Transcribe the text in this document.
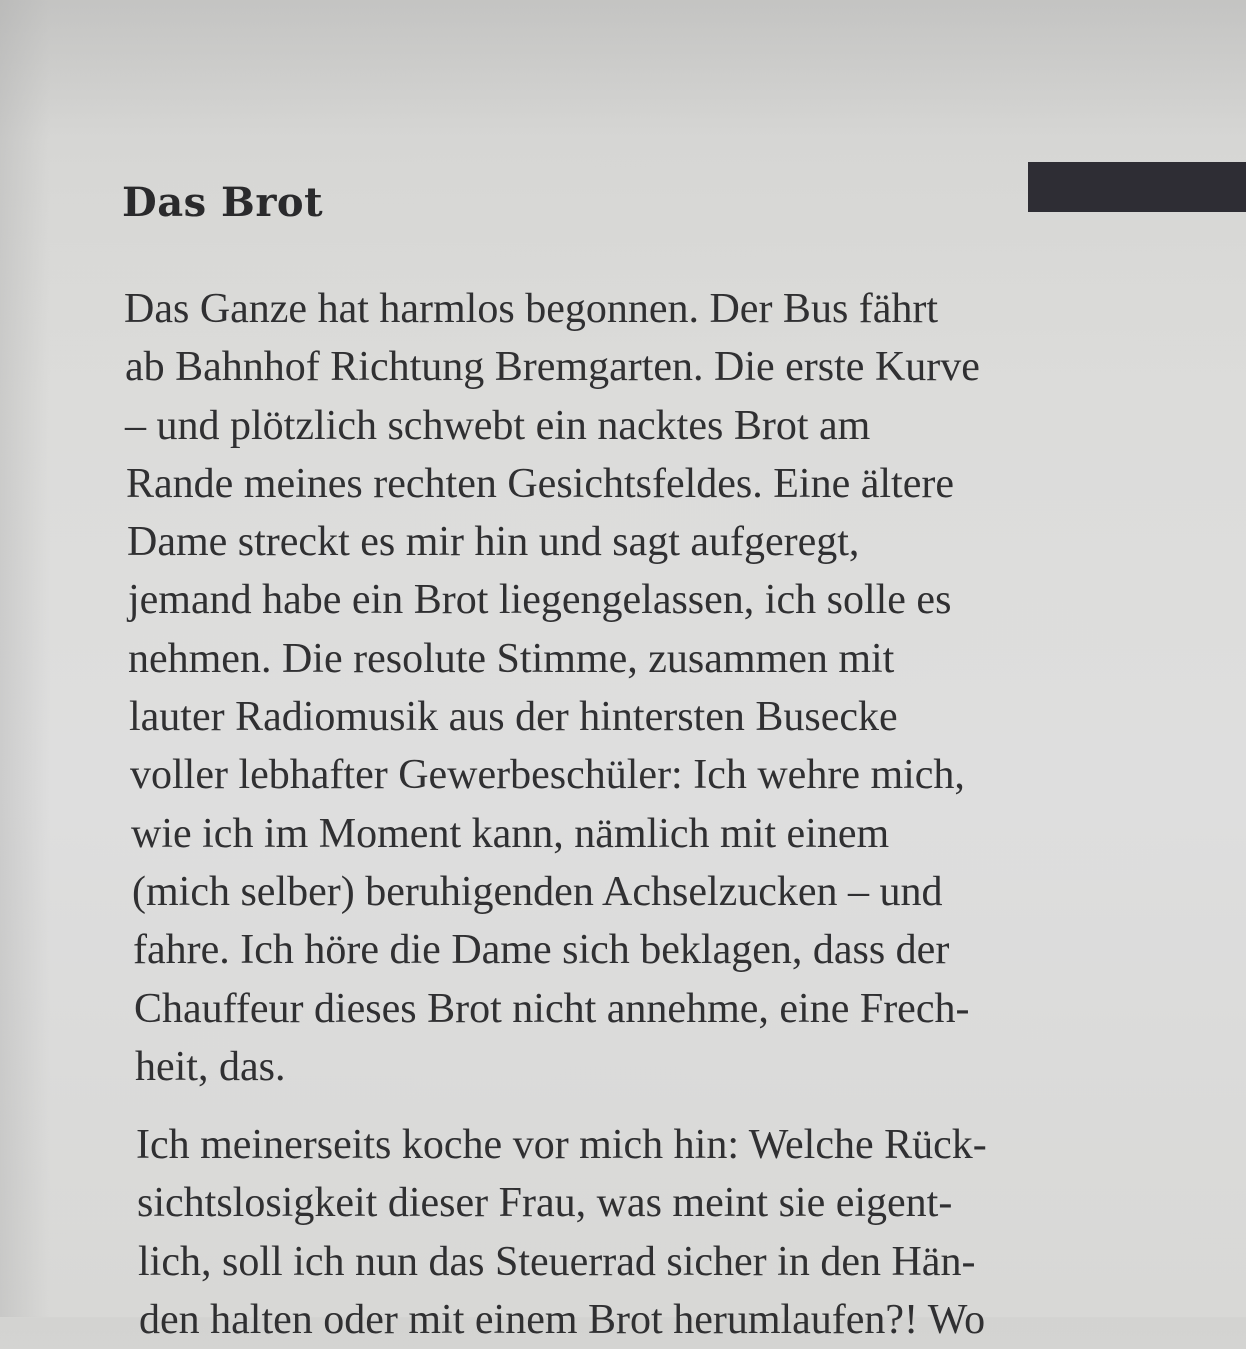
Das Brot

Das Ganze hat harmlos begonnen. Der Bus fährt
ab Bahnhof Richtung Bremgarten. Die erste Kurve
– und plötzlich schwebt ein nacktes Brot am
Rande meines rechten Gesichtsfeldes. Eine ältere
Dame streckt es mir hin und sagt aufgeregt,
jemand habe ein Brot liegengelassen, ich solle es
nehmen. Die resolute Stimme, zusammen mit
lauter Radiomusik aus der hintersten Busecke
voller lebhafter Gewerbeschüler: Ich wehre mich,
wie ich im Moment kann, nämlich mit einem
(mich selber) beruhigenden Achselzucken – und
fahre. Ich höre die Dame sich beklagen, dass der
Chauffeur dieses Brot nicht annehme, eine Frech-
heit, das.

Ich meinerseits koche vor mich hin: Welche Rück-
sichtslosigkeit dieser Frau, was meint sie eigent-
lich, soll ich nun das Steuerrad sicher in den Hän-
den halten oder mit einem Brot herumlaufen?! Wo
